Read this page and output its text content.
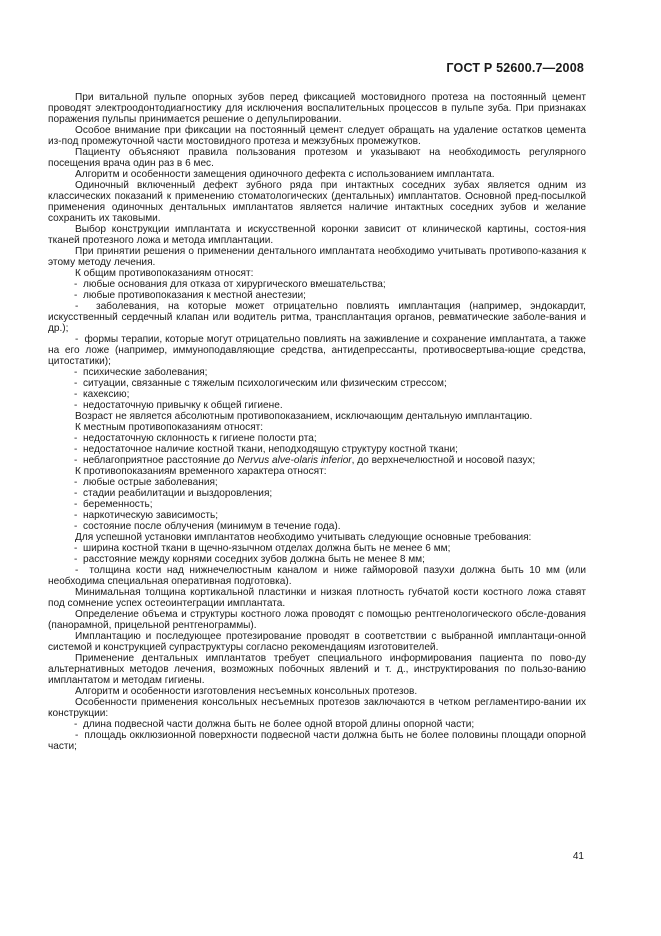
ГОСТ Р 52600.7—2008
При витальной пульпе опорных зубов перед фиксацией мостовидного протеза на постоянный цемент проводят электроодонтодиагностику для исключения воспалительных процессов в пульпе зуба. При признаках поражения пульпы принимается решение о депульпировании.
Особое внимание при фиксации на постоянный цемент следует обращать на удаление остатков цемента из-под промежуточной части мостовидного протеза и межзубных промежутков.
Пациенту объясняют правила пользования протезом и указывают на необходимость регулярного посещения врача один раз в 6 мес.
Алгоритм и особенности замещения одиночного дефекта с использованием имплантата.
Одиночный включенный дефект зубного ряда при интактных соседних зубах является одним из классических показаний к применению стоматологических (дентальных) имплантатов. Основной пред-посылкой применения одиночных дентальных имплантатов является наличие интактных соседних зубов и желание сохранить их таковыми.
Выбор конструкции имплантата и искусственной коронки зависит от клинической картины, состоя-ния тканей протезного ложа и метода имплантации.
При принятии решения о применении дентального имплантата необходимо учитывать противопо-казания к этому методу лечения.
К общим противопоказаниям относят:
-  любые основания для отказа от хирургического вмешательства;
-  любые противопоказания к местной анестезии;
-  заболевания, на которые может отрицательно повлиять имплантация (например, эндокардит, искусственный сердечный клапан или водитель ритма, трансплантация органов, ревматические заболе-вания и др.);
-  формы терапии, которые могут отрицательно повлиять на заживление и сохранение имплантата, а также на его ложе (например, иммуноподавляющие средства, антидепрессанты, противосвертыва-ющие средства, цитостатики);
-  психические заболевания;
-  ситуации, связанные с тяжелым психологическим или физическим стрессом;
-  кахексию;
-  недостаточную привычку к общей гигиене.
Возраст не является абсолютным противопоказанием, исключающим дентальную имплантацию.
К местным противопоказаниям относят:
-  недостаточную склонность к гигиене полости рта;
-  недостаточное наличие костной ткани, неподходящую структуру костной ткани;
-  неблагоприятное расстояние до Nervus alve-olaris inferior, до верхнечелюстной и носовой пазух;
К противопоказаниям временного характера относят:
-  любые острые заболевания;
-  стадии реабилитации и выздоровления;
-  беременность;
-  наркотическую зависимость;
-  состояние после облучения (минимум в течение года).
Для успешной установки имплантатов необходимо учитывать следующие основные требования:
-  ширина костной ткани в щечно-язычном отделах должна быть не менее 6 мм;
-  расстояние между корнями соседних зубов должна быть не менее 8 мм;
-  толщина кости над нижнечелюстным каналом и ниже гайморовой пазухи должна быть 10 мм (или необходима специальная оперативная подготовка).
Минимальная толщина кортикальной пластинки и низкая плотность губчатой кости костного ложа ставят под сомнение успех остеоинтеграции имплантата.
Определение объема и структуры костного ложа проводят с помощью рентгенологического обсле-дования (панорамной, прицельной рентгенограммы).
Имплантацию и последующее протезирование проводят в соответствии с выбранной имплантаци-онной системой и конструкцией супраструктуры согласно рекомендациям изготовителей.
Применение дентальных имплантатов требует специального информирования пациента по пово-ду альтернативных методов лечения, возможных побочных явлений и т. д., инструктирования по пользо-ванию имплантатом и методам гигиены.
Алгоритм и особенности изготовления несъемных консольных протезов.
Особенности применения консольных несъемных протезов заключаются в четком регламентиро-вании их конструкции:
-  длина подвесной части должна быть не более одной второй длины опорной части;
-  площадь окклюзионной поверхности подвесной части должна быть не более половины площади опорной части;
41
